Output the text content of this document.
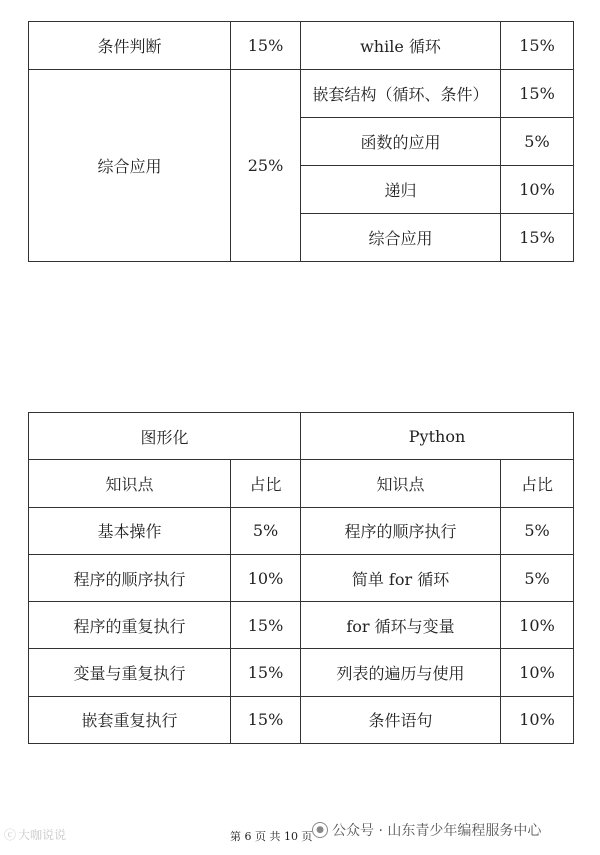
条件判断	15%	while 循环	15%
综合应用	25%	嵌套结构（循环、条件）	15%
		函数的应用	5%
		递归	10%
		综合应用	15%
图形化		Python	
知识点	占比	知识点	占比
基本操作	5%	程序的顺序执行	5%
程序的顺序执行	10%	简单 for 循环	5%
程序的重复执行	15%	for 循环与变量	10%
变量与重复执行	15%	列表的遍历与使用	10%
嵌套重复执行	15%	条件语句	10%
ⓒ 大咖说说	第 6 页 共 10 页 ● 公众号 · 山东青少年编程服务中心
